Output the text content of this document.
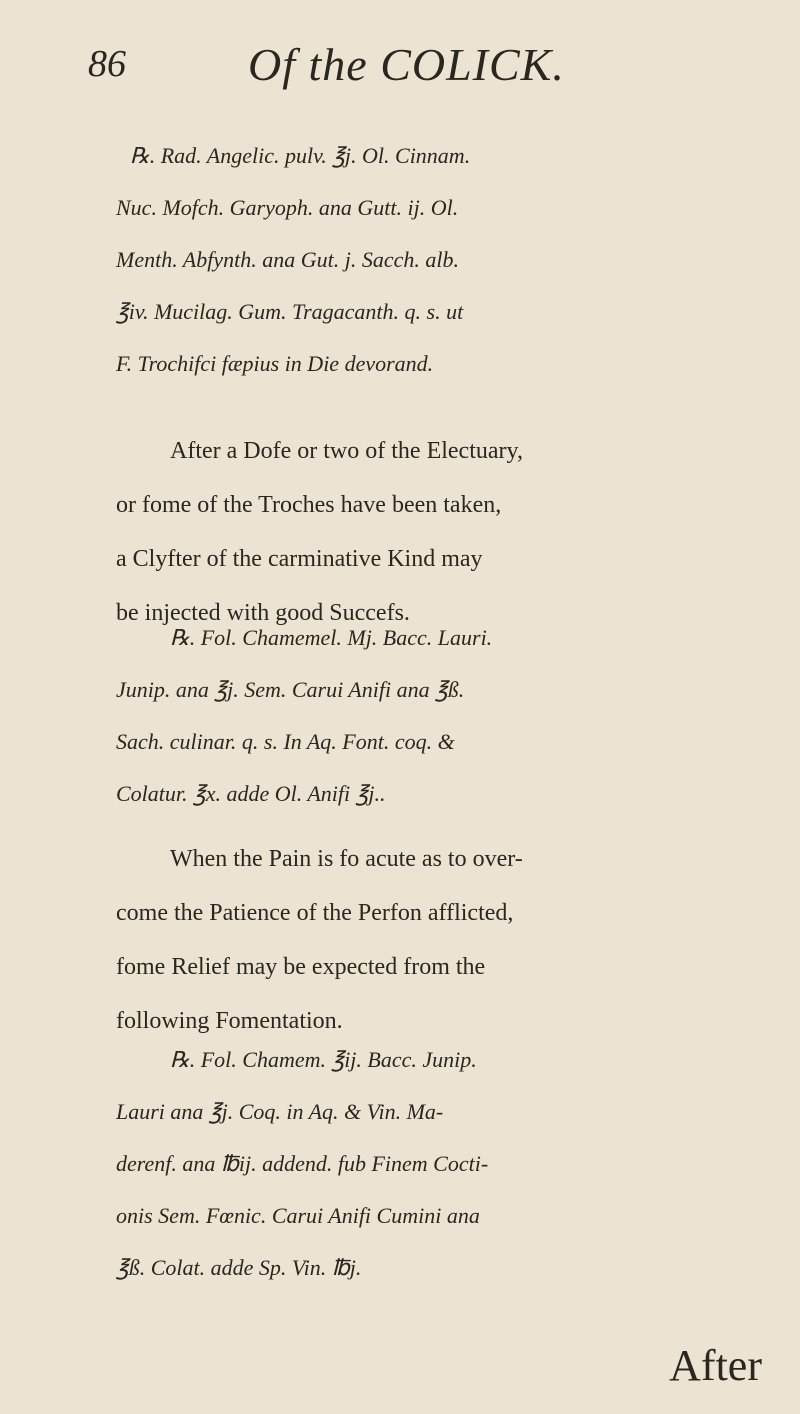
86	Of the COLICK.
℞. Rad. Angelic. pulv. ℥j. Ol. Cinnam.
Nuc. Mofch. Garyoph. ana Gutt. ij. Ol.
Menth. Abfynth. ana Gut. j. Sacch. alb.
℥iv. Mucilag. Gum. Tragacanth. q. s. ut
F. Trochifci fæpius in Die devorand.
After a Dofe or two of the Electuary,
or fome of the Troches have been taken,
a Clyfter of the carminative Kind may
be injected with good Succefs.
℞. Fol. Chamemel. Mj. Bacc. Lauri.
Junip. ana ℥j. Sem. Carui Anifi ana ℥ß.
Sach. culinar. q. s. In Aq. Font. coq. &
Colatur. ℥x. adde Ol. Anifi ℥j..
When the Pain is fo acute as to over-
come the Patience of the Perfon afflicted,
fome Relief may be expected from the
following Fomentation.
℞. Fol. Chamem. ℥ij. Bacc. Junip.
Lauri ana ℥j. Coq. in Aq. & Vin. Ma-
derenf. ana ℔ij. addend. fub Finem Cocti-
onis Sem. Fœnic. Carui Anifi Cumini ana
℥ß. Colat. adde Sp. Vin. ℔j.
After
